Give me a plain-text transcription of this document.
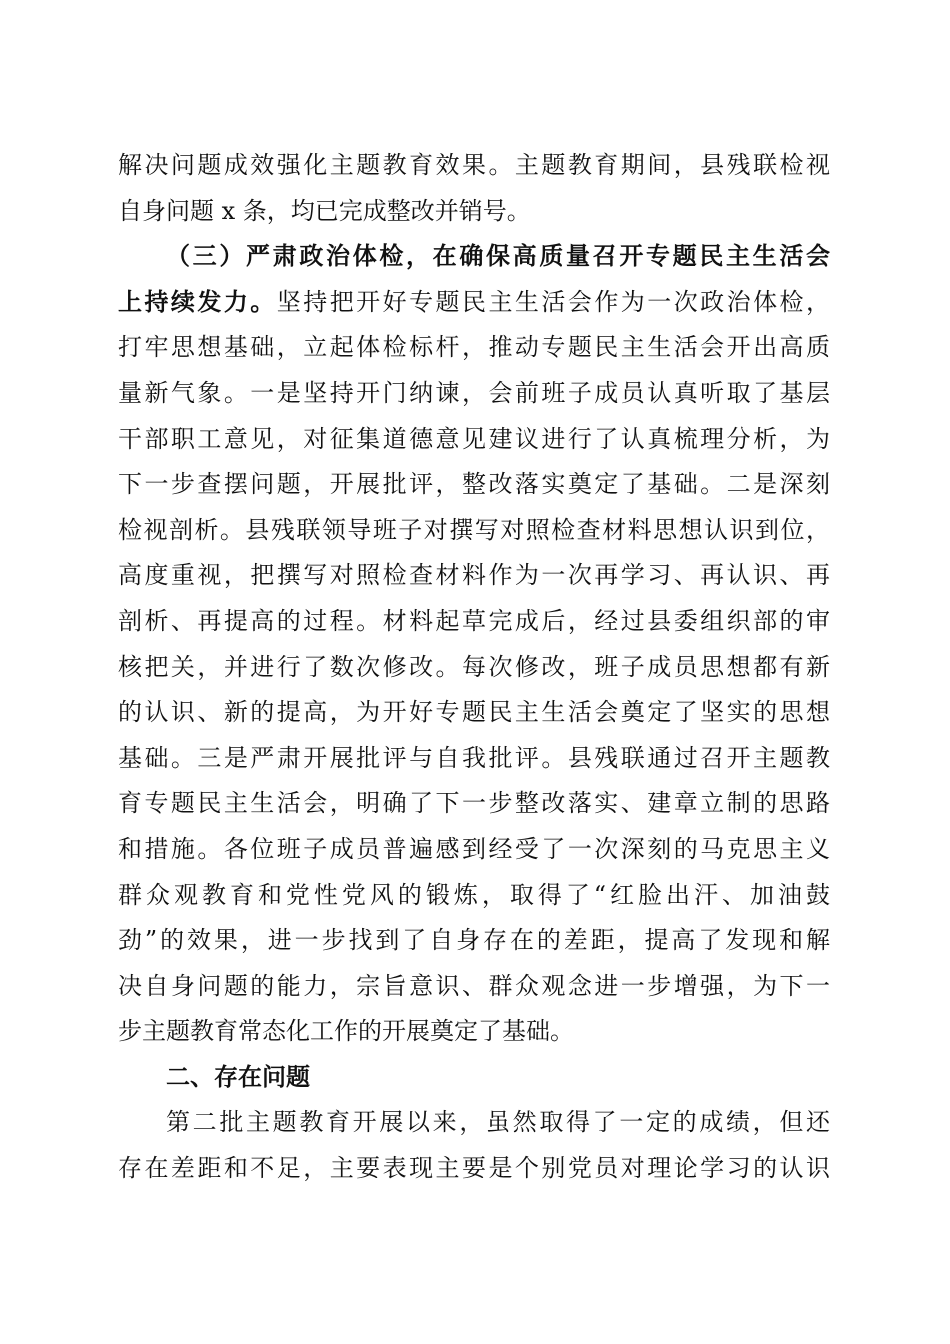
解决问题成效强化主题教育效果。主题教育期间，县残联检视
自身问题 x 条，均已完成整改并销号。
（三）严肃政治体检，在确保高质量召开专题民主生活会
上持续发力。坚持把开好专题民主生活会作为一次政治体检，
打牢思想基础，立起体检标杆，推动专题民主生活会开出高质
量新气象。一是坚持开门纳谏，会前班子成员认真听取了基层
干部职工意见，对征集道德意见建议进行了认真梳理分析，为
下一步查摆问题，开展批评，整改落实奠定了基础。二是深刻
检视剖析。县残联领导班子对撰写对照检查材料思想认识到位，
高度重视，把撰写对照检查材料作为一次再学习、再认识、再
剖析、再提高的过程。材料起草完成后，经过县委组织部的审
核把关，并进行了数次修改。每次修改，班子成员思想都有新
的认识、新的提高，为开好专题民主生活会奠定了坚实的思想
基础。三是严肃开展批评与自我批评。县残联通过召开主题教
育专题民主生活会，明确了下一步整改落实、建章立制的思路
和措施。各位班子成员普遍感到经受了一次深刻的马克思主义
群众观教育和党性党风的锻炼，取得了“红脸出汗、加油鼓
劲”的效果，进一步找到了自身存在的差距，提高了发现和解
决自身问题的能力，宗旨意识、群众观念进一步增强，为下一
步主题教育常态化工作的开展奠定了基础。
二、存在问题
第二批主题教育开展以来，虽然取得了一定的成绩，但还
存在差距和不足，主要表现主要是个别党员对理论学习的认识
